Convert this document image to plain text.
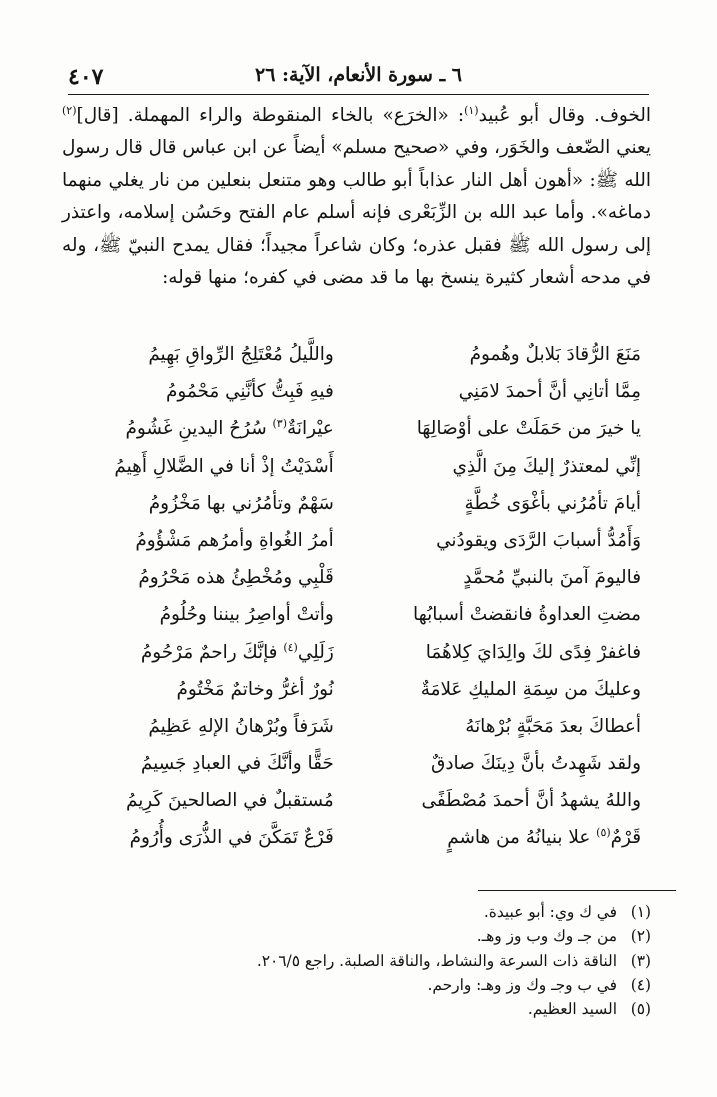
٤٠٧	٦ ـ سورة الأنعام، الآية: ٢٦

الخوف. وقال أبو عُبيد$^{(١)}$: «الخرَع» بالخاء المنقوطة والراء المهملة. [قال]$^{(٢)}$ يعني الضّعف والخَوَر، وفي «صحيح مسلم» أيضاً عن ابن عباس قال قال رسول الله ﷺ: «أهون أهل النار عذاباً أبو طالب وهو متنعل بنعلين من نار يغلي منهما دماغه». وأما عبد الله بن الزِّبَعْرى فإنه أسلم عام الفتح وحَسُن إسلامه، واعتذر إلى رسول الله ﷺ فقبل عذره؛ وكان شاعراً مجيداً؛ فقال يمدح النبيّ ﷺ، وله في مدحه أشعار كثيرة ينسخ بها ما قد مضى في كفره؛ منها قوله:

مَنَعَ الرُّقادَ بَلابلٌ وهُمومُ
واللَّيلُ مُعْتَلِجُ الرِّواقِ بَهِيمُ
مِمَّا أتانِي أنَّ أحمدَ لامَنِي
فيهِ فَبِتُّ كأنَّنِي مَحْمُومُ
يا خيرَ من حَمَلَتْ على أوْصَالِهَا
عيْرانَةٌ$^{(٣)}$ سُرُحُ اليدينِ غَشُومُ
إنِّي لمعتذرٌ إليكَ مِنَ الَّذِي
أَسْدَيْتُ إذْ أنا في الضَّلالِ أَهِيمُ
أيامَ تأمُرُني بأغْوَى خُطَّةٍ
سَهْمٌ وتأمُرُني بها مَخْزُومُ
وَأَمُدُّ أسبابَ الرَّدَى ويقودُني
أمرُ الغُواةِ وأمرُهم مَشْؤُومُ
فاليومَ آمنَ بالنبيِّ مُحمَّدٍ
قَلْبِي ومُخْطِئُ هذه مَحْرُومُ
مضتِ العداوةُ فانقضتْ أسبابُها
وأتتْ أواصِرُ بيننا وحُلُومُ
فاغفرْ فِدًى لكَ والِدَايَ كِلاهُمَا
زَلَلِي$^{(٤)}$ فإنَّكَ راحمٌ مَرْحُومُ
وعليكَ من سِمَةِ المليكِ عَلامَةٌ
نُورٌ أغرُّ وخاتمٌ مَخْتُومُ
أعطاكَ بعدَ مَحَبَّةٍ بُرْهانَهُ
شَرَفاً وبُرْهانُ الإلهِ عَظِيمُ
ولقد شَهِدتُ بأنَّ دِينَكَ صادقٌ
حَقًّا وأنَّكَ في العبادِ جَسِيمُ
واللهُ يشهدُ أنَّ أحمدَ مُصْطَفًى
مُستقبلٌ في الصالحينَ كَرِيمُ
قَرْمٌ$^{(٥)}$ علا بنيانُهُ من هاشمٍ
فَرْعٌ تَمَكَّنَ في الذُّرَى وأُرُومُ
(١)
في ك وي: أبو عبيدة.
(٢)
من جـ وك وب وز وهـ.
(٣)
الناقة ذات السرعة والنشاط، والناقة الصلبة. راجع ٢٠٦/٥.
(٤)
في ب وجـ وك وز وهـ: وارحم.
(٥)
السيد العظيم.
